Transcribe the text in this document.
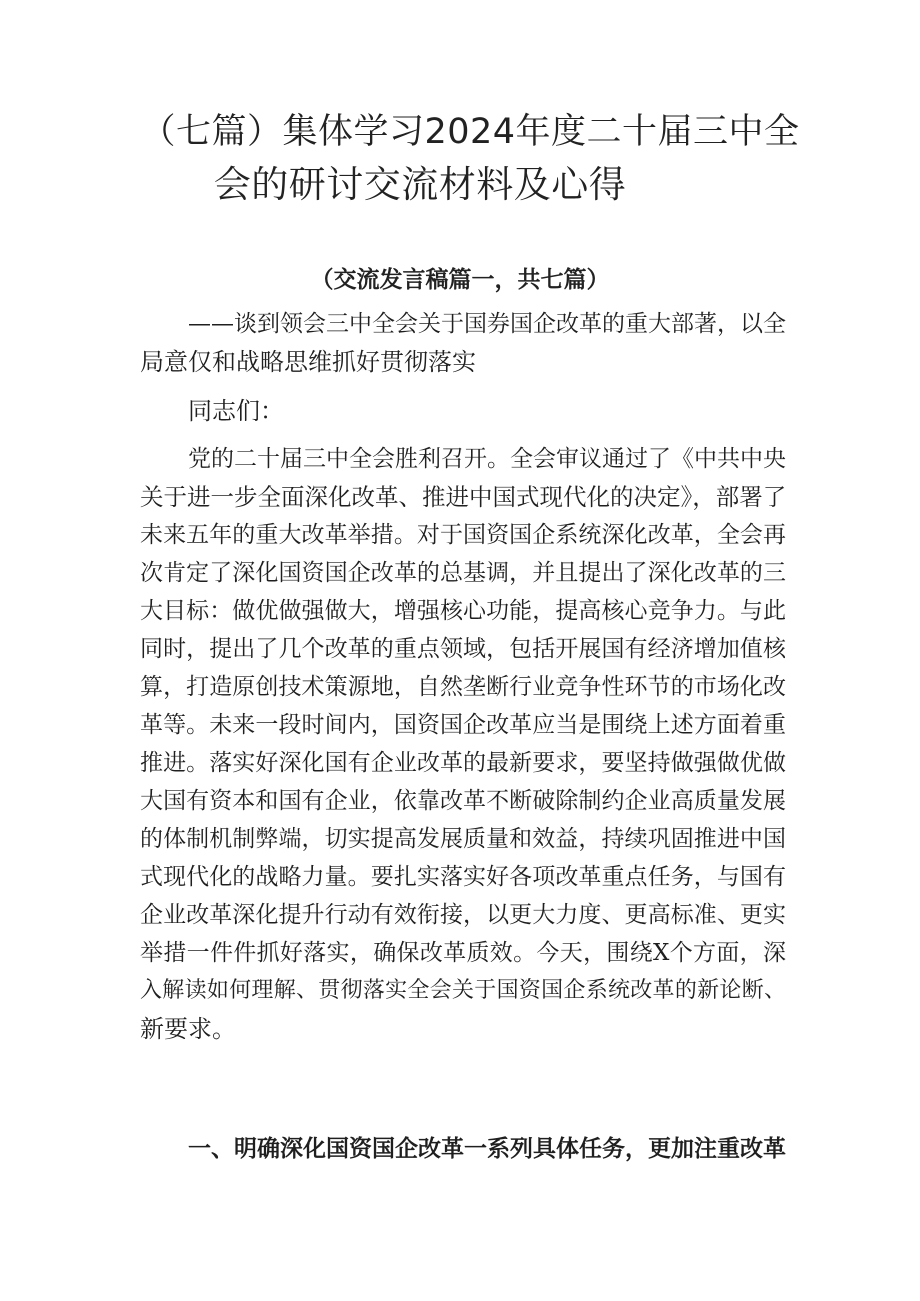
（七篇）集体学习2024年度二十届三中全
会的研讨交流材料及心得
（交流发言稿篇一，共七篇）
——谈到领会三中全会关于国券国企改革的重大部著，以全
局意仅和战略思维抓好贯彻落实
同志们：
党的二十届三中全会胜利召开。全会审议通过了《中共中央
关于进一步全面深化改革、推进中国式现代化的决定》，部署了
未来五年的重大改革举措。对于国资国企系统深化改革，全会再
次肯定了深化国资国企改革的总基调，并且提出了深化改革的三
大目标：做优做强做大，增强核心功能，提高核心竞争力。与此
同时，提出了几个改革的重点领域，包括开展国有经济增加值核
算，打造原创技术策源地，自然垄断行业竞争性环节的市场化改
革等。未来一段时间内，国资国企改革应当是围绕上述方面着重
推进。落实好深化国有企业改革的最新要求，要坚持做强做优做
大国有资本和国有企业，依靠改革不断破除制约企业高质量发展
的体制机制弊端，切实提高发展质量和效益，持续巩固推进中国
式现代化的战略力量。要扎实落实好各项改革重点任务，与国有
企业改革深化提升行动有效衔接，以更大力度、更高标准、更实
举措一件件抓好落实，确保改革质效。今天，围绕X个方面，深
入解读如何理解、贯彻落实全会关于国资国企系统改革的新论断、
新要求。
一、明确深化国资国企改革一系列具体任务，更加注重改革
